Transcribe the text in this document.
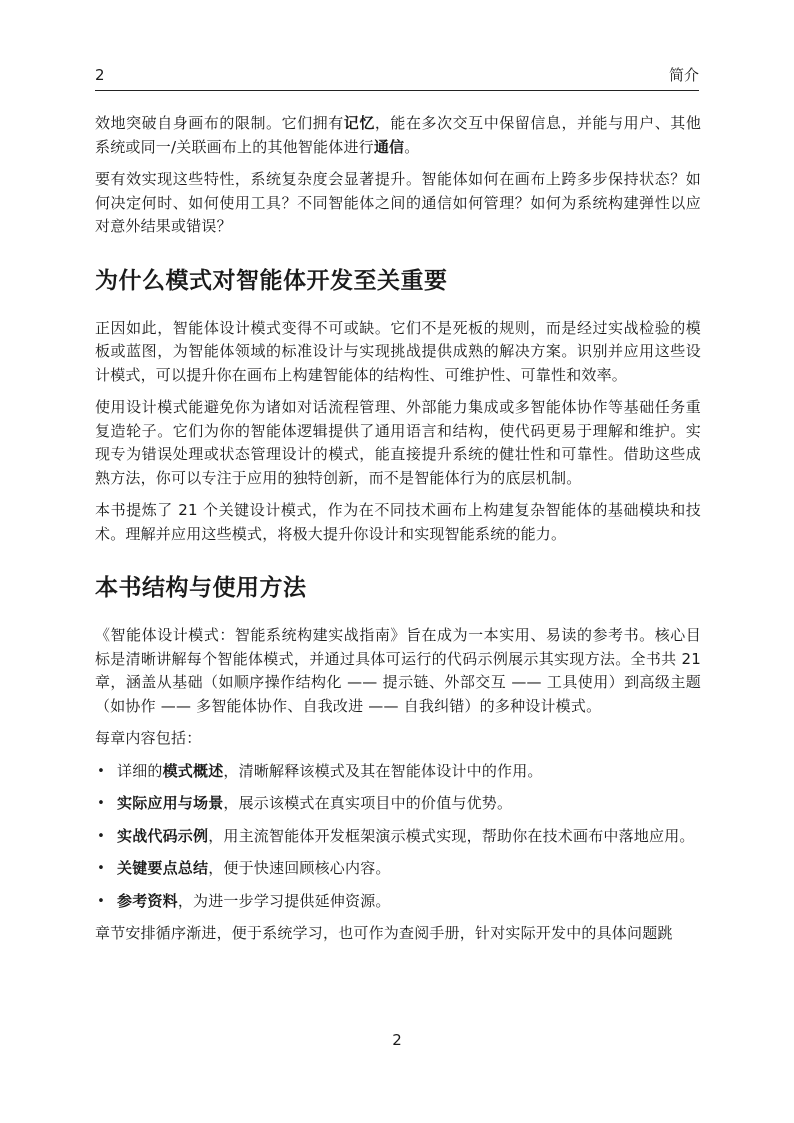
2	简介

效地突破自身画布的限制。它们拥有记忆，能在多次交互中保留信息，并能与用户、其他系统或同一/关联画布上的其他智能体进行通信。

要有效实现这些特性，系统复杂度会显著提升。智能体如何在画布上跨多步保持状态？如何决定何时、如何使用工具？不同智能体之间的通信如何管理？如何为系统构建弹性以应对意外结果或错误？

为什么模式对智能体开发至关重要

正因如此，智能体设计模式变得不可或缺。它们不是死板的规则，而是经过实战检验的模板或蓝图，为智能体领域的标准设计与实现挑战提供成熟的解决方案。识别并应用这些设计模式，可以提升你在画布上构建智能体的结构性、可维护性、可靠性和效率。

使用设计模式能避免你为诸如对话流程管理、外部能力集成或多智能体协作等基础任务重复造轮子。它们为你的智能体逻辑提供了通用语言和结构，使代码更易于理解和维护。实现专为错误处理或状态管理设计的模式，能直接提升系统的健壮性和可靠性。借助这些成熟方法，你可以专注于应用的独特创新，而不是智能体行为的底层机制。

本书提炼了 21 个关键设计模式，作为在不同技术画布上构建复杂智能体的基础模块和技术。理解并应用这些模式，将极大提升你设计和实现智能系统的能力。

本书结构与使用方法

《智能体设计模式：智能系统构建实战指南》旨在成为一本实用、易读的参考书。核心目标是清晰讲解每个智能体模式，并通过具体可运行的代码示例展示其实现方法。全书共 21 章，涵盖从基础（如顺序操作结构化 —— 提示链、外部交互 —— 工具使用）到高级主题（如协作 —— 多智能体协作、自我改进 —— 自我纠错）的多种设计模式。

每章内容包括：

• 详细的模式概述，清晰解释该模式及其在智能体设计中的作用。
• 实际应用与场景，展示该模式在真实项目中的价值与优势。
• 实战代码示例，用主流智能体开发框架演示模式实现，帮助你在技术画布中落地应用。
• 关键要点总结，便于快速回顾核心内容。
• 参考资料，为进一步学习提供延伸资源。

章节安排循序渐进，便于系统学习，也可作为查阅手册，针对实际开发中的具体问题跳

2
